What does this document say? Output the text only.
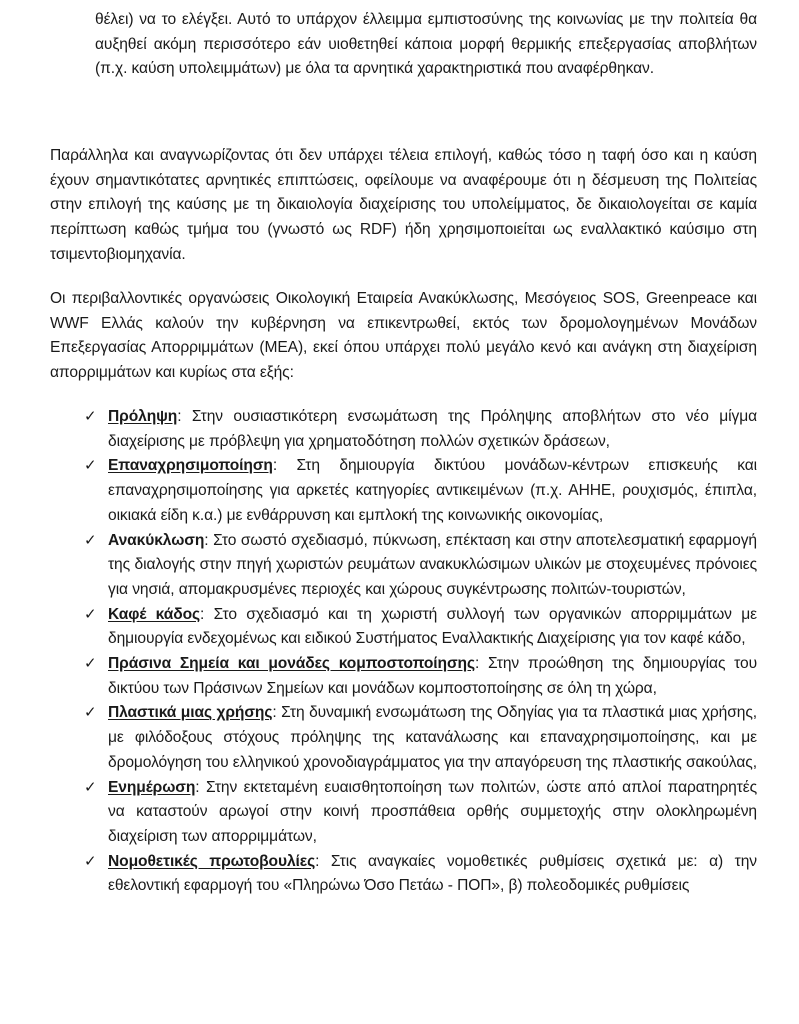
θέλει) να το ελέγξει. Αυτό το υπάρχον έλλειμμα εμπιστοσύνης της κοινωνίας με την πολιτεία θα αυξηθεί ακόμη περισσότερο εάν υιοθετηθεί κάποια μορφή θερμικής επεξεργασίας αποβλήτων (π.χ. καύση υπολειμμάτων) με όλα τα αρνητικά χαρακτηριστικά που αναφέρθηκαν.

Παράλληλα και αναγνωρίζοντας ότι δεν υπάρχει τέλεια επιλογή, καθώς τόσο η ταφή όσο και η καύση έχουν σημαντικότατες αρνητικές επιπτώσεις, οφείλουμε να αναφέρουμε ότι η δέσμευση της Πολιτείας στην επιλογή της καύσης με τη δικαιολογία διαχείρισης του υπολείμματος, δε δικαιολογείται σε καμία περίπτωση καθώς τμήμα του (γνωστό ως RDF) ήδη χρησιμοποιείται ως εναλλακτικό καύσιμο στη τσιμεντοβιομηχανία.

Οι περιβαλλοντικές οργανώσεις Οικολογική Εταιρεία Ανακύκλωσης, Μεσόγειος SOS, Greenpeace και WWF Ελλάς καλούν την κυβέρνηση να επικεντρωθεί, εκτός των δρομολογημένων Μονάδων Επεξεργασίας Απορριμμάτων (ΜΕΑ), εκεί όπου υπάρχει πολύ μεγάλο κενό και ανάγκη στη διαχείριση απορριμμάτων και κυρίως στα εξής:

✓ Πρόληψη: Στην ουσιαστικότερη ενσωμάτωση της Πρόληψης αποβλήτων στο νέο μίγμα διαχείρισης με πρόβλεψη για χρηματοδότηση πολλών σχετικών δράσεων,
✓ Επαναχρησιμοποίηση: Στη δημιουργία δικτύου μονάδων-κέντρων επισκευής και επαναχρησιμοποίησης για αρκετές κατηγορίες αντικειμένων (π.χ. ΑΗΗΕ, ρουχισμός, έπιπλα, οικιακά είδη κ.α.) με ενθάρρυνση και εμπλοκή της κοινωνικής οικονομίας,
✓ Ανακύκλωση: Στο σωστό σχεδιασμό, πύκνωση, επέκταση και στην αποτελεσματική εφαρμογή της διαλογής στην πηγή χωριστών ρευμάτων ανακυκλώσιμων υλικών με στοχευμένες πρόνοιες για νησιά, απομακρυσμένες περιοχές και χώρους συγκέντρωσης πολιτών-τουριστών,
✓ Καφέ κάδος: Στο σχεδιασμό και τη χωριστή συλλογή των οργανικών απορριμμάτων με δημιουργία ενδεχομένως και ειδικού Συστήματος Εναλλακτικής Διαχείρισης για τον καφέ κάδο,
✓ Πράσινα Σημεία και μονάδες κομποστοποίησης: Στην προώθηση της δημιουργίας του δικτύου των Πράσινων Σημείων και μονάδων κομποστοποίησης σε όλη τη χώρα,
✓ Πλαστικά μιας χρήσης: Στη δυναμική ενσωμάτωση της Οδηγίας για τα πλαστικά μιας χρήσης, με φιλόδοξους στόχους πρόληψης της κατανάλωσης και επαναχρησιμοποίησης, και με δρομολόγηση του ελληνικού χρονοδιαγράμματος για την απαγόρευση της πλαστικής σακούλας,
✓ Ενημέρωση: Στην εκτεταμένη ευαισθητοποίηση των πολιτών, ώστε από απλοί παρατηρητές να καταστούν αρωγοί στην κοινή προσπάθεια ορθής συμμετοχής στην ολοκληρωμένη διαχείριση των απορριμμάτων,
✓ Νομοθετικές πρωτοβουλίες: Στις αναγκαίες νομοθετικές ρυθμίσεις σχετικά με: α) την εθελοντική εφαρμογή του «Πληρώνω Όσο Πετάω - ΠΟΠ», β) πολεοδομικές ρυθμίσεις
